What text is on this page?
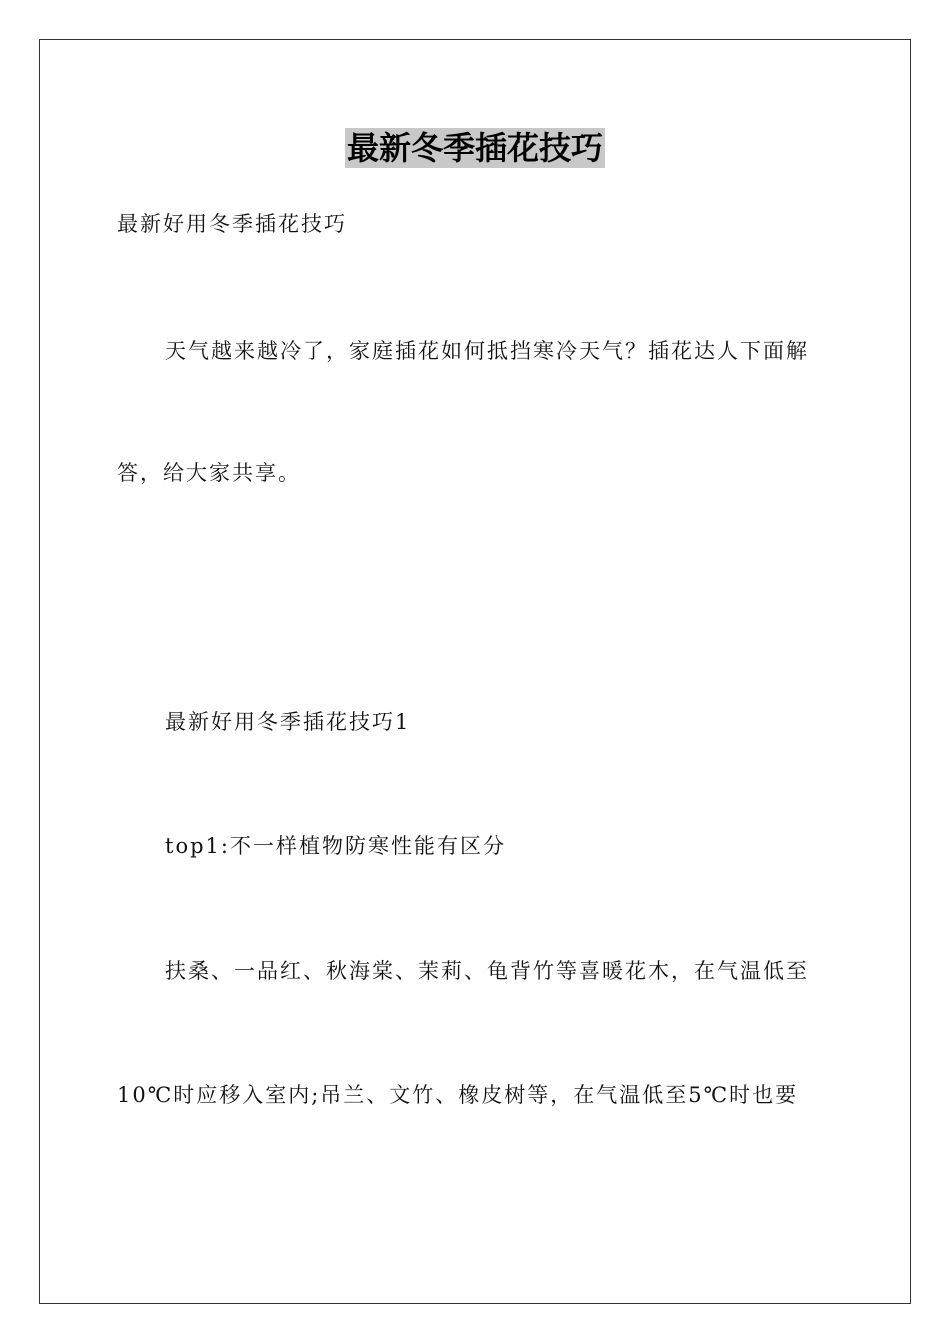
最新冬季插花技巧
最新好用冬季插花技巧
天气越来越冷了，家庭插花如何抵挡寒冷天气？插花达人下面解
答，给大家共享。
最新好用冬季插花技巧1
top1:不一样植物防寒性能有区分
扶桑、一品红、秋海棠、茉莉、龟背竹等喜暖花木，在气温低至
10℃时应移入室内;吊兰、文竹、橡皮树等，在气温低至5℃时也要
